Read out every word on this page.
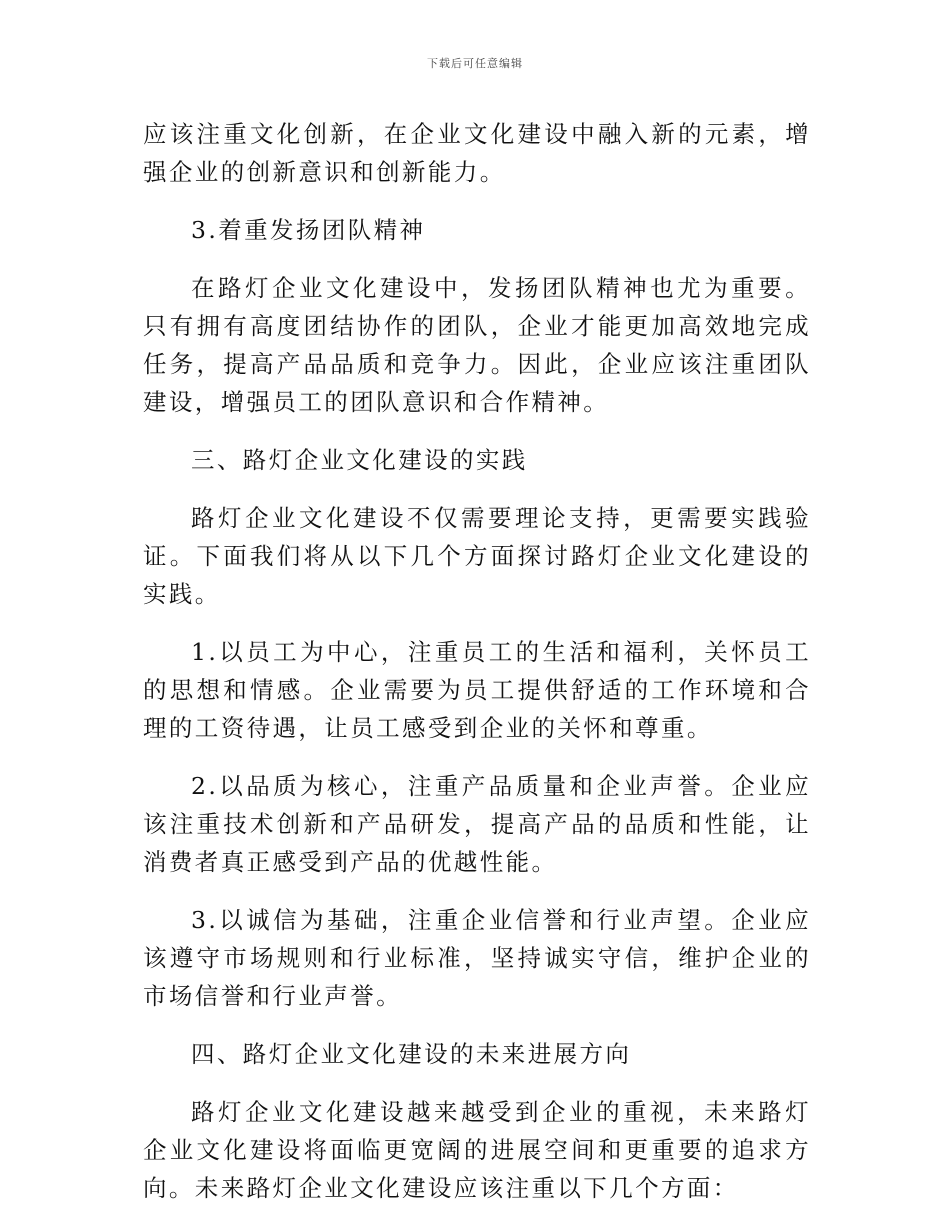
下载后可任意编辑

应该注重文化创新，在企业文化建设中融入新的元素，增强企业的创新意识和创新能力。

3.着重发扬团队精神

在路灯企业文化建设中，发扬团队精神也尤为重要。只有拥有高度团结协作的团队，企业才能更加高效地完成任务，提高产品品质和竞争力。因此，企业应该注重团队建设，增强员工的团队意识和合作精神。

三、路灯企业文化建设的实践

路灯企业文化建设不仅需要理论支持，更需要实践验证。下面我们将从以下几个方面探讨路灯企业文化建设的实践。

1.以员工为中心，注重员工的生活和福利，关怀员工的思想和情感。企业需要为员工提供舒适的工作环境和合理的工资待遇，让员工感受到企业的关怀和尊重。

2.以品质为核心，注重产品质量和企业声誉。企业应该注重技术创新和产品研发，提高产品的品质和性能，让消费者真正感受到产品的优越性能。

3.以诚信为基础，注重企业信誉和行业声望。企业应该遵守市场规则和行业标准，坚持诚实守信，维护企业的市场信誉和行业声誉。

四、路灯企业文化建设的未来进展方向

路灯企业文化建设越来越受到企业的重视，未来路灯企业文化建设将面临更宽阔的进展空间和更重要的追求方向。未来路灯企业文化建设应该注重以下几个方面：
